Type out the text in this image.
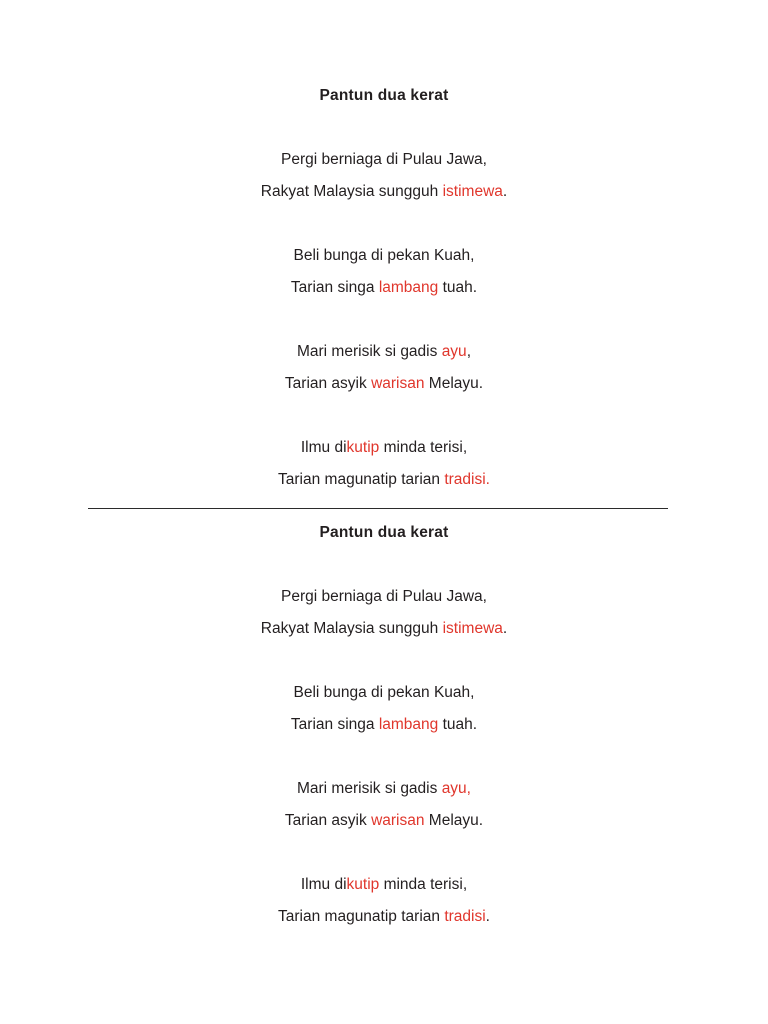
Pantun dua kerat

Pergi berniaga di Pulau Jawa,

Rakyat Malaysia sungguh istimewa.

Beli bunga di pekan Kuah,

Tarian singa lambang tuah.

Mari merisik si gadis ayu,

Tarian asyik warisan Melayu.

Ilmu dikutip minda terisi,

Tarian magunatip tarian tradisi.

Pantun dua kerat

Pergi berniaga di Pulau Jawa,

Rakyat Malaysia sungguh istimewa.

Beli bunga di pekan Kuah,

Tarian singa lambang tuah.

Mari merisik si gadis ayu,

Tarian asyik warisan Melayu.

Ilmu dikutip minda terisi,

Tarian magunatip tarian tradisi.
